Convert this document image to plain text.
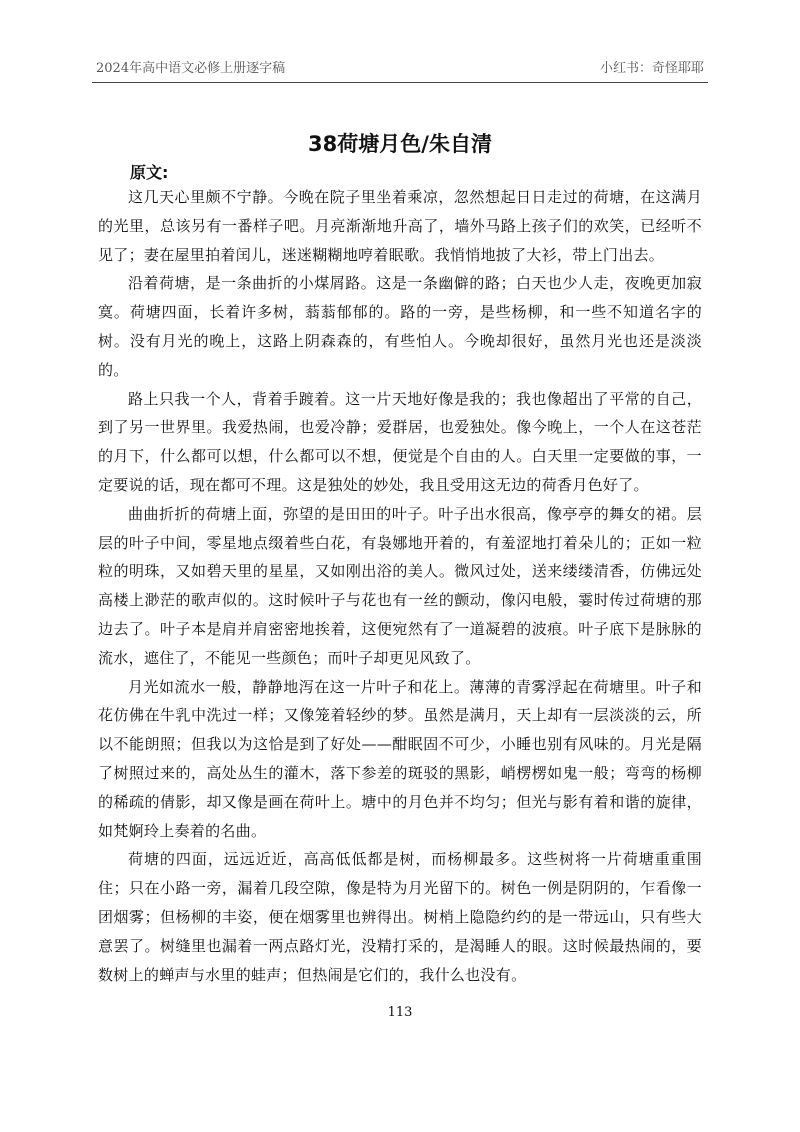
2024年高中语文必修上册逐字稿	小红书：奇怪耶耶
38荷塘月色/朱自清
原文:

这几天心里颇不宁静。今晚在院子里坐着乘凉，忽然想起日日走过的荷塘，在这满月的光里，总该另有一番样子吧。月亮渐渐地升高了，墙外马路上孩子们的欢笑，已经听不见了；妻在屋里拍着闰儿，迷迷糊糊地哼着眠歌。我悄悄地披了大衫，带上门出去。

沿着荷塘，是一条曲折的小煤屑路。这是一条幽僻的路；白天也少人走，夜晚更加寂寞。荷塘四面，长着许多树，蓊蓊郁郁的。路的一旁，是些杨柳，和一些不知道名字的树。没有月光的晚上，这路上阴森森的，有些怕人。今晚却很好，虽然月光也还是淡淡的。

路上只我一个人，背着手踱着。这一片天地好像是我的；我也像超出了平常的自己，到了另一世界里。我爱热闹，也爱冷静；爱群居，也爱独处。像今晚上，一个人在这苍茫的月下，什么都可以想，什么都可以不想，便觉是个自由的人。白天里一定要做的事，一定要说的话，现在都可不理。这是独处的妙处，我且受用这无边的荷香月色好了。

曲曲折折的荷塘上面，弥望的是田田的叶子。叶子出水很高，像亭亭的舞女的裙。层层的叶子中间，零星地点缀着些白花，有袅娜地开着的，有羞涩地打着朵儿的；正如一粒粒的明珠，又如碧天里的星星，又如刚出浴的美人。微风过处，送来缕缕清香，仿佛远处高楼上渺茫的歌声似的。这时候叶子与花也有一丝的颤动，像闪电般，霎时传过荷塘的那边去了。叶子本是肩并肩密密地挨着，这便宛然有了一道凝碧的波痕。叶子底下是脉脉的流水，遮住了，不能见一些颜色；而叶子却更见风致了。

月光如流水一般，静静地泻在这一片叶子和花上。薄薄的青雾浮起在荷塘里。叶子和花仿佛在牛乳中洗过一样；又像笼着轻纱的梦。虽然是满月，天上却有一层淡淡的云，所以不能朗照；但我以为这恰是到了好处——酣眠固不可少，小睡也别有风味的。月光是隔了树照过来的，高处丛生的灌木，落下参差的斑驳的黑影，峭楞楞如鬼一般；弯弯的杨柳的稀疏的倩影，却又像是画在荷叶上。塘中的月色并不均匀；但光与影有着和谐的旋律，如梵婀玲上奏着的名曲。

荷塘的四面，远远近近，高高低低都是树，而杨柳最多。这些树将一片荷塘重重围住；只在小路一旁，漏着几段空隙，像是特为月光留下的。树色一例是阴阴的，乍看像一团烟雾；但杨柳的丰姿，便在烟雾里也辨得出。树梢上隐隐约约的是一带远山，只有些大意罢了。树缝里也漏着一两点路灯光，没精打采的，是渴睡人的眼。这时候最热闹的，要数树上的蝉声与水里的蛙声；但热闹是它们的，我什么也没有。

113
